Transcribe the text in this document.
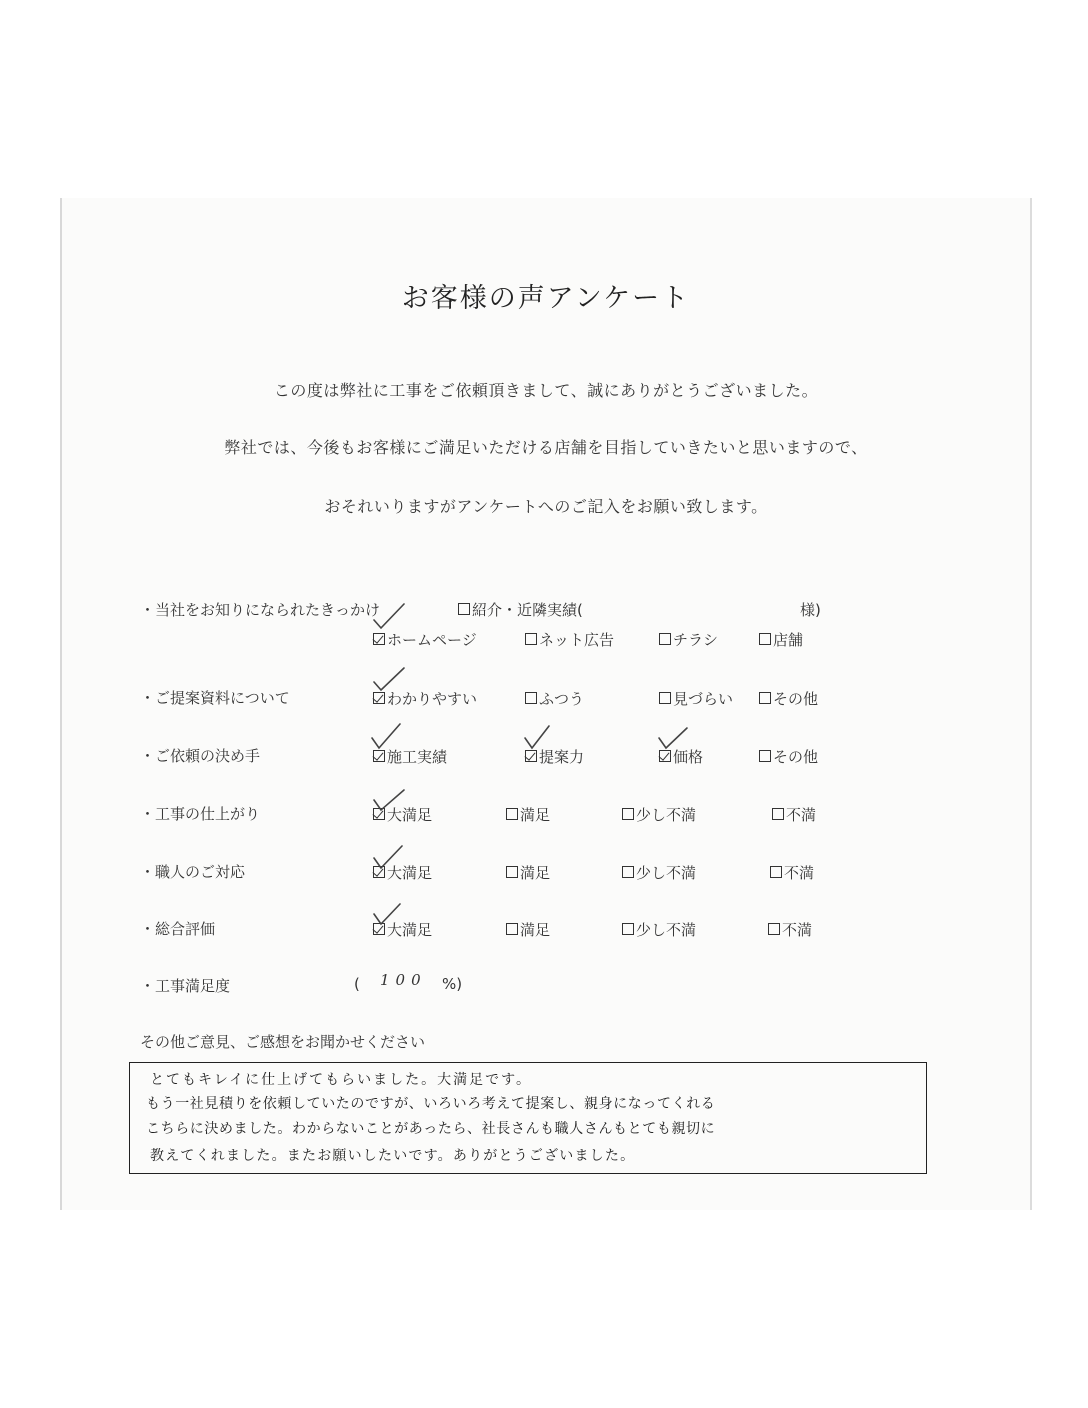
お客様の声アンケート
この度は弊社に工事をご依頼頂きまして、誠にありがとうございました。
弊社では、今後もお客様にご満足いただける店舗を目指していきたいと思いますので、
おそれいりますがアンケートへのご記入をお願い致します。
・当社をお知りになられたきっかけ	紹介・近隣実績(	様)
ホームページ	ネット広告	チラシ	店舗
・ご提案資料について	わかりやすい	ふつう	見づらい	その他
・ご依頼の決め手	施工実績	提案力	価格	その他
・工事の仕上がり	大満足	満足	少し不満	不満
・職人のご対応	大満足	満足	少し不満	不満
・総合評価	大満足	満足	少し不満	不満
・工事満足度	( 100 %)
その他ご意見、ご感想をお聞かせください
とてもキレイに仕上げてもらいました。大満足です。
もう一社見積りを依頼していたのですが、いろいろ考えて提案し、親身になってくれる
こちらに決めました。わからないことがあったら、社長さんも職人さんもとても親切に
教えてくれました。またお願いしたいです。ありがとうございました。
